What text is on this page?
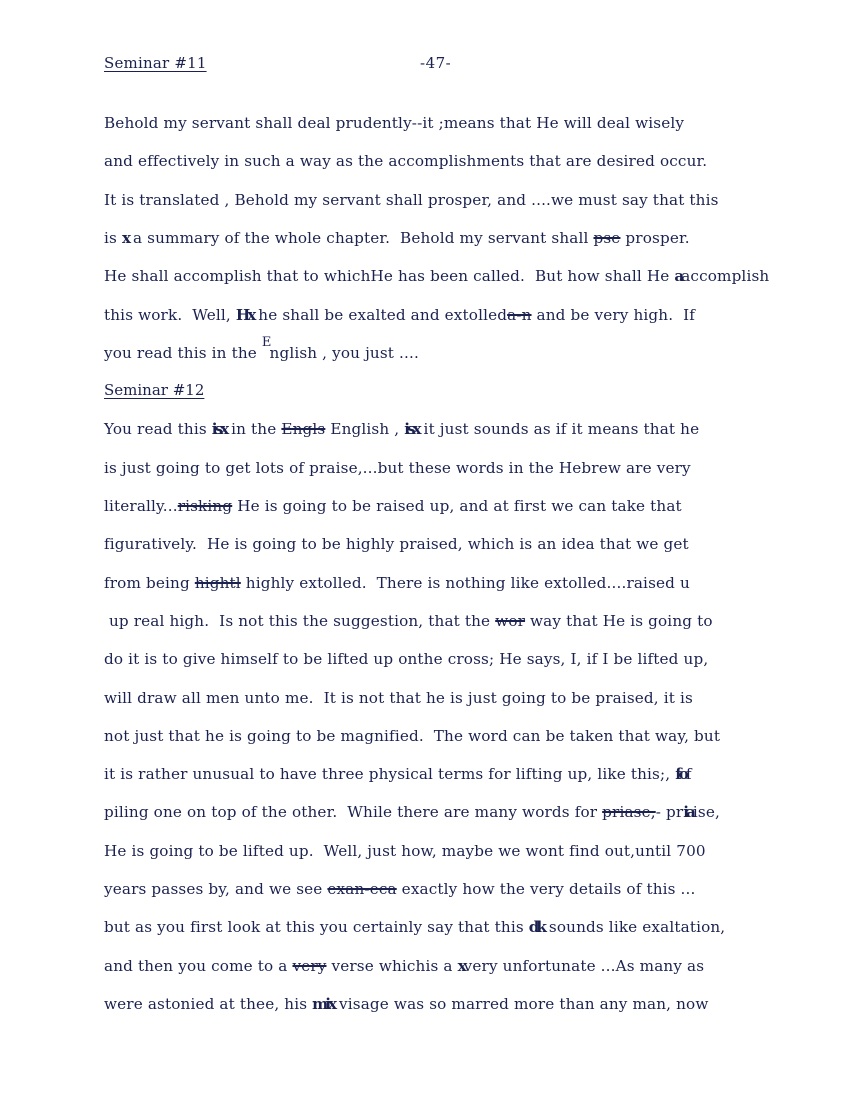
Seminar #11	-47-
Behold my servant shall deal prudently--it ;means that He will deal wisely
and effectively in such a way as the accomplishments that are desired occur.
It is translated , Behold my servant shall prosper, and ....we must say that this
is x a summary of the whole chapter.  Behold my servant shall pse prosper.
He shall accomplish that to whichHe has been called.  But how shall He aaccomplish
this work.  Well, Hx he shall be exalted and extolleda-n and be very high.  If
you read this in the English , you just ....
Seminar #12
You read this isx in the Engls English , isx it just sounds as if it means that he
is just going to get lots of praise,...but these words in the Hebrew are very
literally...risking He is going to be raised up, and at first we can take that
figuratively.  He is going to be highly praised, which is an idea that we get
from being hightl highly extolled.  There is nothing like extolled....raised u
up real high.  Is not this the suggestion, that the wor way that He is going to
do it is to give himself to be lifted up onthe cross; He says, I, if I be lifted up,
will draw all men unto me.  It is not that he is just going to be praised, it is
not just that he is going to be magnified.  The word can be taken that way, but
it is rather unusual to have three physical terms for lifting up, like this;, fof
piling one on top of the other.  While there are many words for priase,- priaise,
He is going to be lifted up.  Well, just how, maybe we wont find out,until 700
years passes by, and we see exan-eca exactly how the very details of this ...
but as you first look at this you certainly say that this dk sounds like exaltation,
and then you come to a very verse whichis a xvery unfortunate ...As many as
were astonied at thee, his mix visage was so marred more than any man, now
